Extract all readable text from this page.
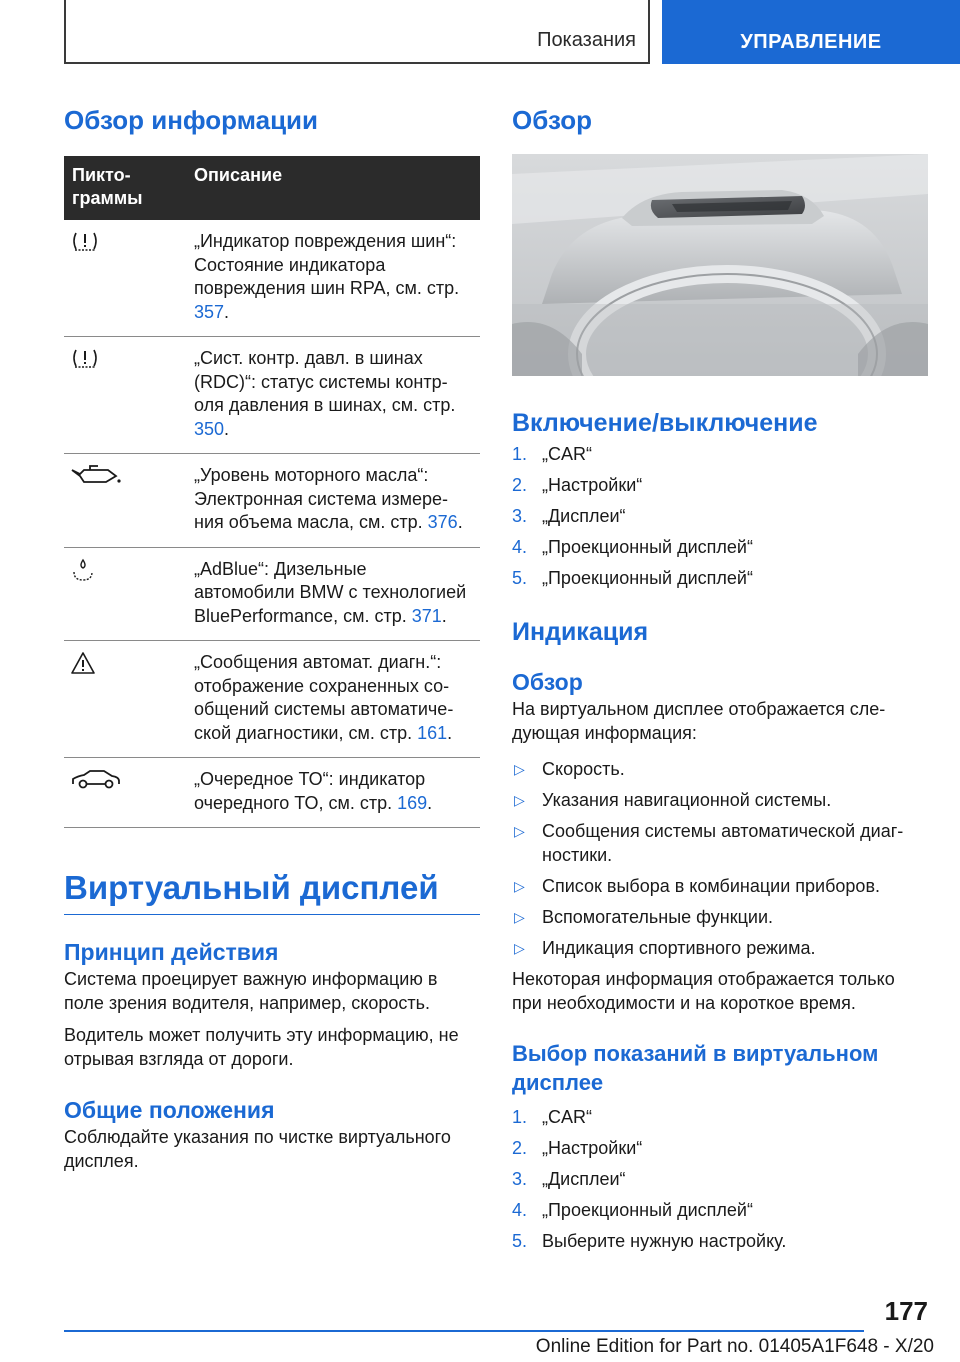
Показания	УПРАВЛЕНИЕ
Обзор информации
Пикто-
граммы	Описание

	„Индикатор повреждения шин“: Состояние индикатора повреждения шин RPA, см. стр. 357.

	„Сист. контр. давл. в шинах (RDC)“: статус системы контр-оля давления в шинах, см. стр. 350.

	„Уровень моторного масла“: Электронная система измере-ния объема масла, см. стр. 376.

	„AdBlue“: Дизельные автомобили BMW с технологией BluePerformance, см. стр. 371.

	„Сообщения автомат. диагн.“: отображение сохраненных со-общений системы автоматиче-ской диагностики, см. стр. 161.

	„Очередное ТО“: индикатор очередного ТО, см. стр. 169.
Виртуальный дисплей
Принцип действия

Система проецирует важную информацию в поле зрения водителя, например, скорость.

Водитель может получить эту информацию, не отрывая взгляда от дороги.

Общие положения

Соблюдайте указания по чистке виртуального дисплея.

Обзор
Включение/выключение
1. „CAR“
2. „Настройки“
3. „Дисплеи“
4. „Проекционный дисплей“
5. „Проекционный дисплей“
Индикация
Обзор

На виртуальном дисплее отображается сле-дующая информация:

▷ Скорость.
▷ Указания навигационной системы.
▷ Сообщения системы автоматической диаг-ностики.
▷ Список выбора в комбинации приборов.
▷ Вспомогательные функции.
▷ Индикация спортивного режима.

Некоторая информация отображается только при необходимости и на короткое время.

Выбор показаний в виртуальном дисплее
1. „CAR“
2. „Настройки“
3. „Дисплеи“
4. „Проекционный дисплей“
5. Выберите нужную настройку.
177
Online Edition for Part no. 01405A1F648 - X/20
